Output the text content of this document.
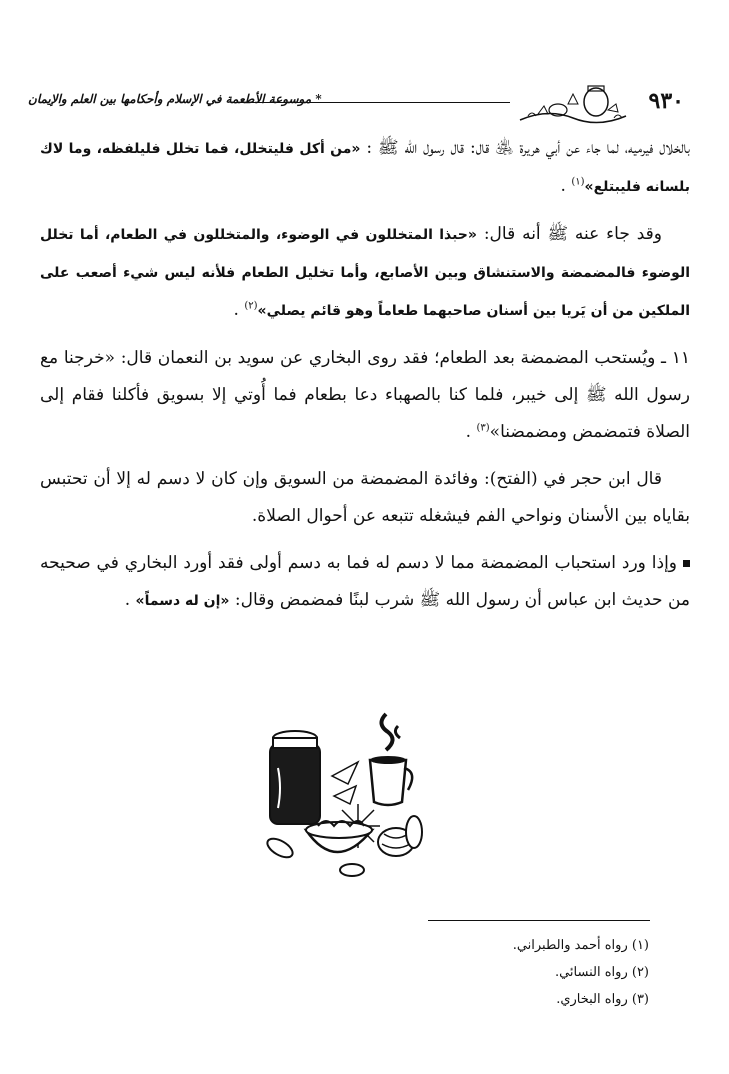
٩٣٠
* موسوعة الأطعمة في الإسلام وأحكامها بين العلم والإيمان

بالخلال فيرميه، لما جاء عن أبي هريرة ﵁ قال: قال رسول الله ﷺ : «من أكل فليتخلل، فما تخلل فليلفظه، وما لاك بلسانه فليبتلع»$^{(١)}$ .

وقد جاء عنه ﷺ أنه قال: «حبذا المتخللون في الوضوء، والمتخللون في الطعام، أما تخلل الوضوء فالمضمضة والاستنشاق وبين الأصابع، وأما تخليل الطعام فلأنه ليس شيء أصعب على الملكين من أن يَريا بين أسنان صاحبهما طعاماً وهو قائم يصلي»$^{(٢)}$ .

١١ ـ ويُستحب المضمضة بعد الطعام؛ فقد روى البخاري عن سويد بن النعمان قال: «خرجنا مع رسول الله ﷺ إلى خيبر، فلما كنا بالصهباء دعا بطعام فما أُوتي إلا بسويق فأكلنا فقام إلى الصلاة فتمضمض ومضمضنا»$^{(٣)}$ .

قال ابن حجر في (الفتح): وفائدة المضمضة من السويق وإن كان لا دسم له إلا أن تحتبس بقاياه بين الأسنان ونواحي الفم فيشغله تتبعه عن أحوال الصلاة.

وإذا ورد استحباب المضمضة مما لا دسم له فما به دسم أولى فقد أورد البخاري في صحيحه من حديث ابن عباس أن رسول الله ﷺ شرب لبنًا فمضمض وقال: «إن له دسماً» .

(١) رواه أحمد والطبراني.

(٢) رواه النسائي.

(٣) رواه البخاري.
